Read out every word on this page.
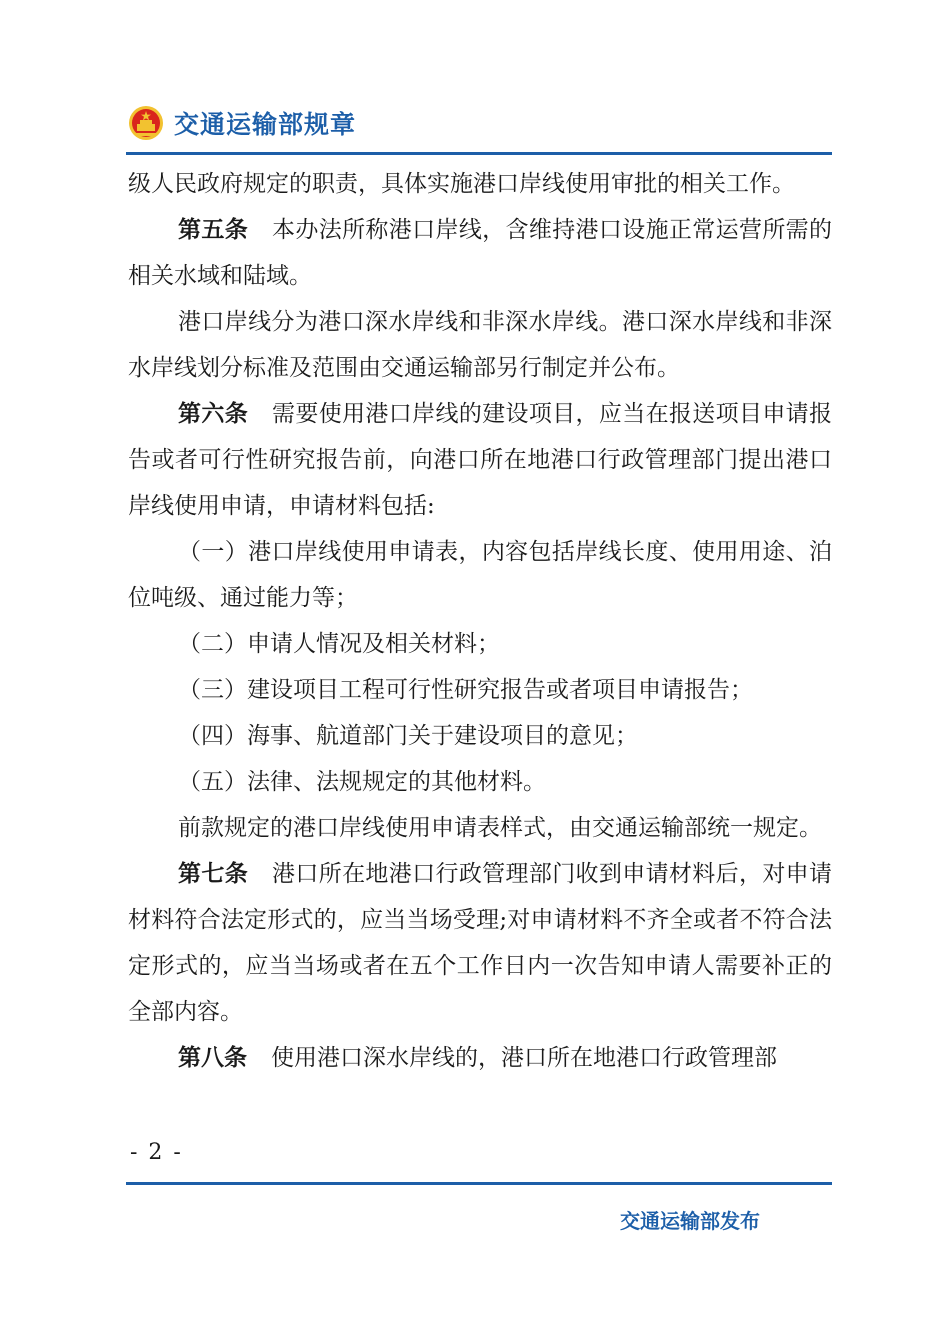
交通运输部规章

级人民政府规定的职责，具体实施港口岸线使用审批的相关工作。

第五条 本办法所称港口岸线，含维持港口设施正常运营所需的相关水域和陆域。

港口岸线分为港口深水岸线和非深水岸线。港口深水岸线和非深水岸线划分标准及范围由交通运输部另行制定并公布。

第六条 需要使用港口岸线的建设项目，应当在报送项目申请报告或者可行性研究报告前，向港口所在地港口行政管理部门提出港口岸线使用申请，申请材料包括:

（一）港口岸线使用申请表，内容包括岸线长度、使用用途、泊位吨级、通过能力等；

（二）申请人情况及相关材料；

（三）建设项目工程可行性研究报告或者项目申请报告；

（四）海事、航道部门关于建设项目的意见；

（五）法律、法规规定的其他材料。

前款规定的港口岸线使用申请表样式，由交通运输部统一规定。

第七条 港口所在地港口行政管理部门收到申请材料后，对申请材料符合法定形式的，应当当场受理;对申请材料不齐全或者不符合法定形式的，应当当场或者在五个工作日内一次告知申请人需要补正的全部内容。

第八条 使用港口深水岸线的，港口所在地港口行政管理部

- 2 -
交通运输部发布
